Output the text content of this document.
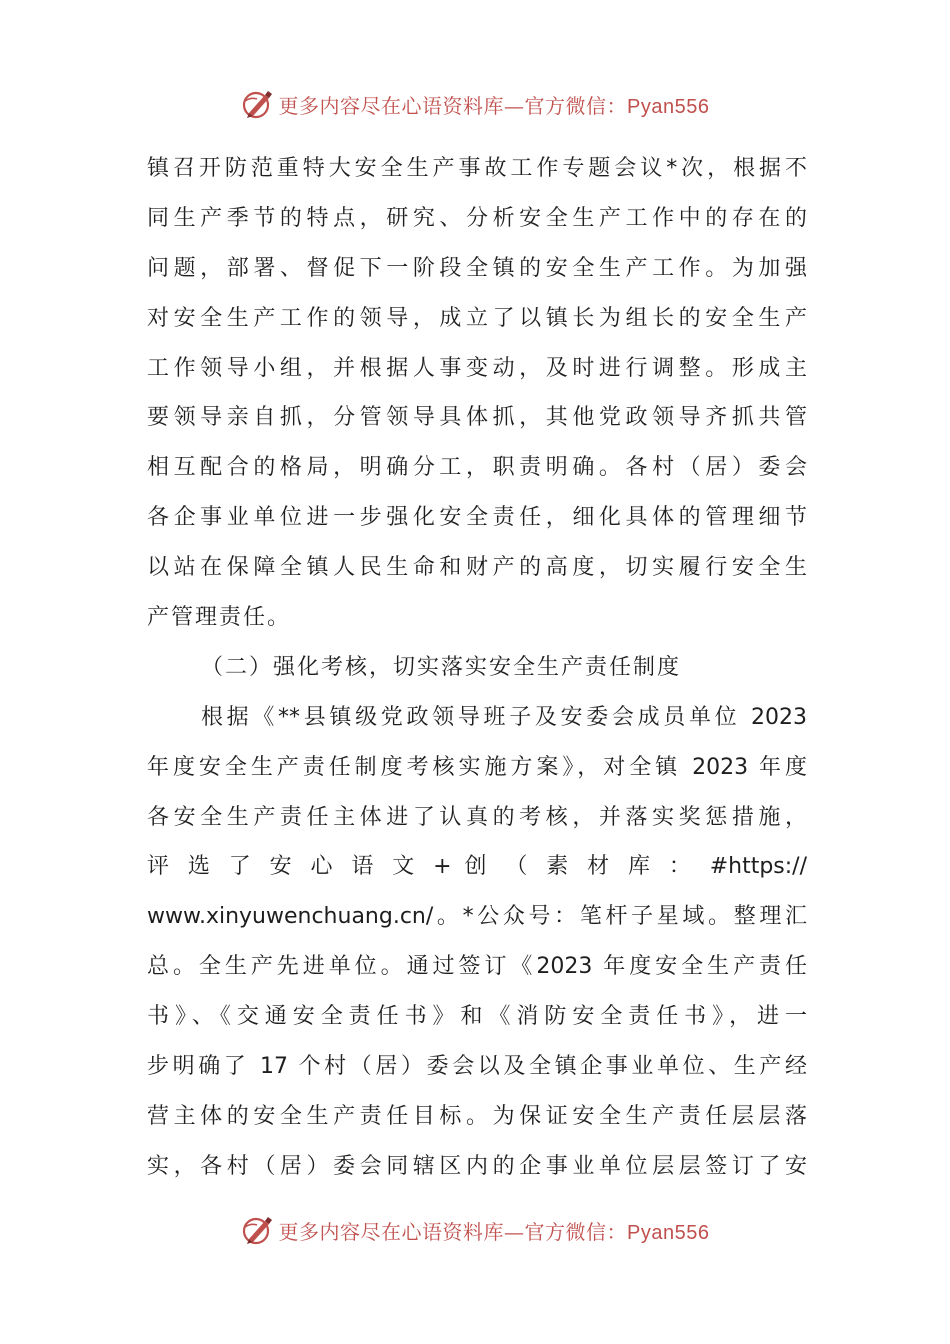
更多内容尽在心语资料库—官方微信：Pyan556
镇召开防范重特大安全生产事故工作专题会议*次，根据不
同生产季节的特点，研究、分析安全生产工作中的存在的
问题，部署、督促下一阶段全镇的安全生产工作。为加强
对安全生产工作的领导，成立了以镇长为组长的安全生产
工作领导小组，并根据人事变动，及时进行调整。形成主
要领导亲自抓，分管领导具体抓，其他党政领导齐抓共管
相互配合的格局，明确分工，职责明确。各村（居）委会
各企事业单位进一步强化安全责任，细化具体的管理细节
以站在保障全镇人民生命和财产的高度，切实履行安全生
产管理责任。
（二）强化考核，切实落实安全生产责任制度
根据《**县镇级党政领导班子及安委会成员单位 2023
年度安全生产责任制度考核实施方案》，对全镇 2023 年度
各安全生产责任主体进了认真的考核，并落实奖惩措施，
评 选 了 安 心 语 文 + 创 （ 素 材 库 ： #https://
www.xinyuwenchuang.cn/。*公众号：笔杆子星域。整理汇
总。全生产先进单位。通过签订《2023 年度安全生产责任
书》、《交通安全责任书》和《消防安全责任书》，进一
步明确了 17 个村（居）委会以及全镇企事业单位、生产经
营主体的安全生产责任目标。为保证安全生产责任层层落
实，各村（居）委会同辖区内的企事业单位层层签订了安
更多内容尽在心语资料库—官方微信：Pyan556
